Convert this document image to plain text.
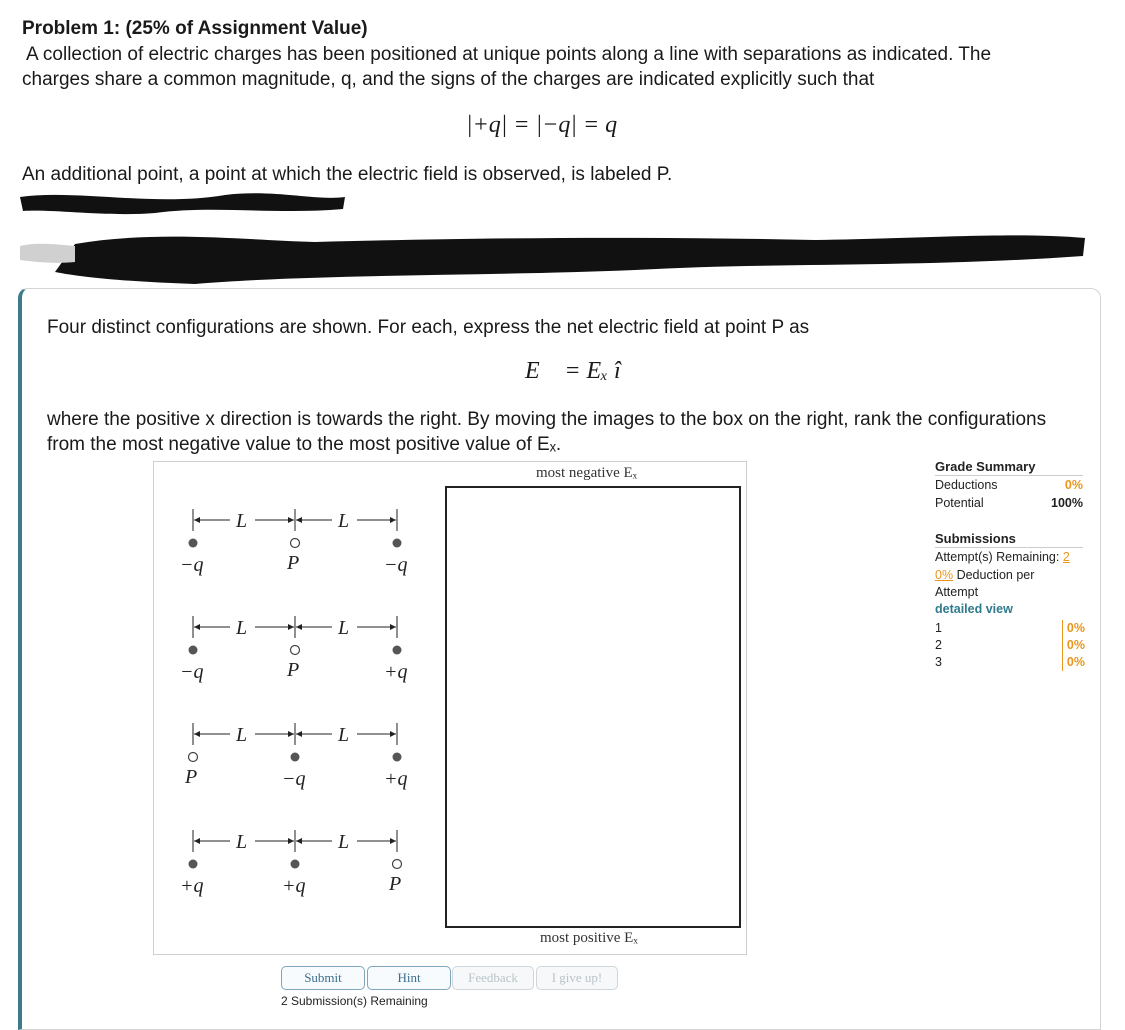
Problem 1: (25% of Assignment Value)
A collection of electric charges has been positioned at unique points along a line with separations as indicated. The
charges share a common magnitude, q, and the signs of the charges are indicated explicitly such that
|+q| = |−q| = q
An additional point, a point at which the electric field is observed, is labeled P.
Four distinct configurations are shown. For each, express the net electric field at point P as
E⃗ = Eₓ î
where the positive x direction is towards the right. By moving the images to the box on the right, rank the configurations
from the most negative value to the most positive value of Eₓ.
most negative Eₓ
most positive Eₓ
L	L
−q	P	−q
L	L
−q	P	+q
L	L
P	−q	+q
L	L
+q	+q	P
Grade Summary
Deductions	0%
Potential	100%
Submissions
Attempt(s) Remaining: 2
0% Deduction per
Attempt
detailed view
1	0%
2	0%
3	0%
Submit	Hint	Feedback	I give up!
2 Submission(s) Remaining
